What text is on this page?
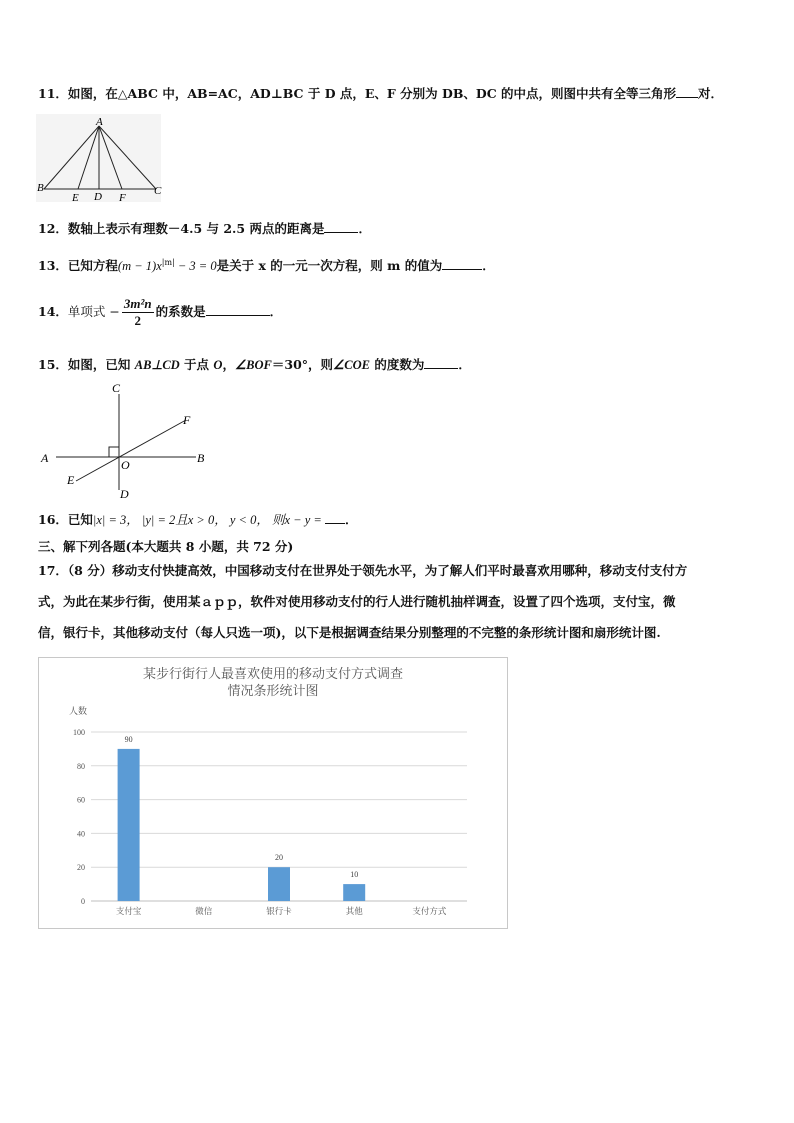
11．如图，在△ABC 中，AB=AC，AD⊥BC 于 D 点，E、F 分别为 DB、DC 的中点，则图中共有全等三角形 对．
A
B	C
E D F
12．数轴上表示有理数－4.5 与 2.5 两点的距离是	．
13．已知方程$(m - 1)x^{|m|} - 3 = 0$是关于 x 的一元一次方程，则 m 的值为	．
14．单项式 − $\frac{\text{3m²n}}{2}$ 的系数是	．
15．如图，已知 AB⊥CD 于点 O，∠BOF＝30°，则∠COE 的度数为	．
C
A	B
F
O
E
D
16．已知|x| = 3， |y| = 2且x > 0， y < 0， 则x − y = ．
三、解下列各题(本大题共 8 小题，共 72 分)
17．（8 分）移动支付快捷高效，中国移动支付在世界处于领先水平，为了解人们平时最喜欢用哪种，移动支付支付方
式，为此在某步行街，使用某ａｐｐ，软件对使用移动支付的行人进行随机抽样调查，设置了四个选项，支付宝，微
信，银行卡，其他移动支付（每人只选一项)，以下是根据调查结果分别整理的不完整的条形统计图和扇形统计图.
某步行街行人最喜欢使用的移动支付方式调查
情况条形统计图
人数
0
20
40
60
80
100
90
支付宝	微信
20
银行卡
10
其他	支付方式
